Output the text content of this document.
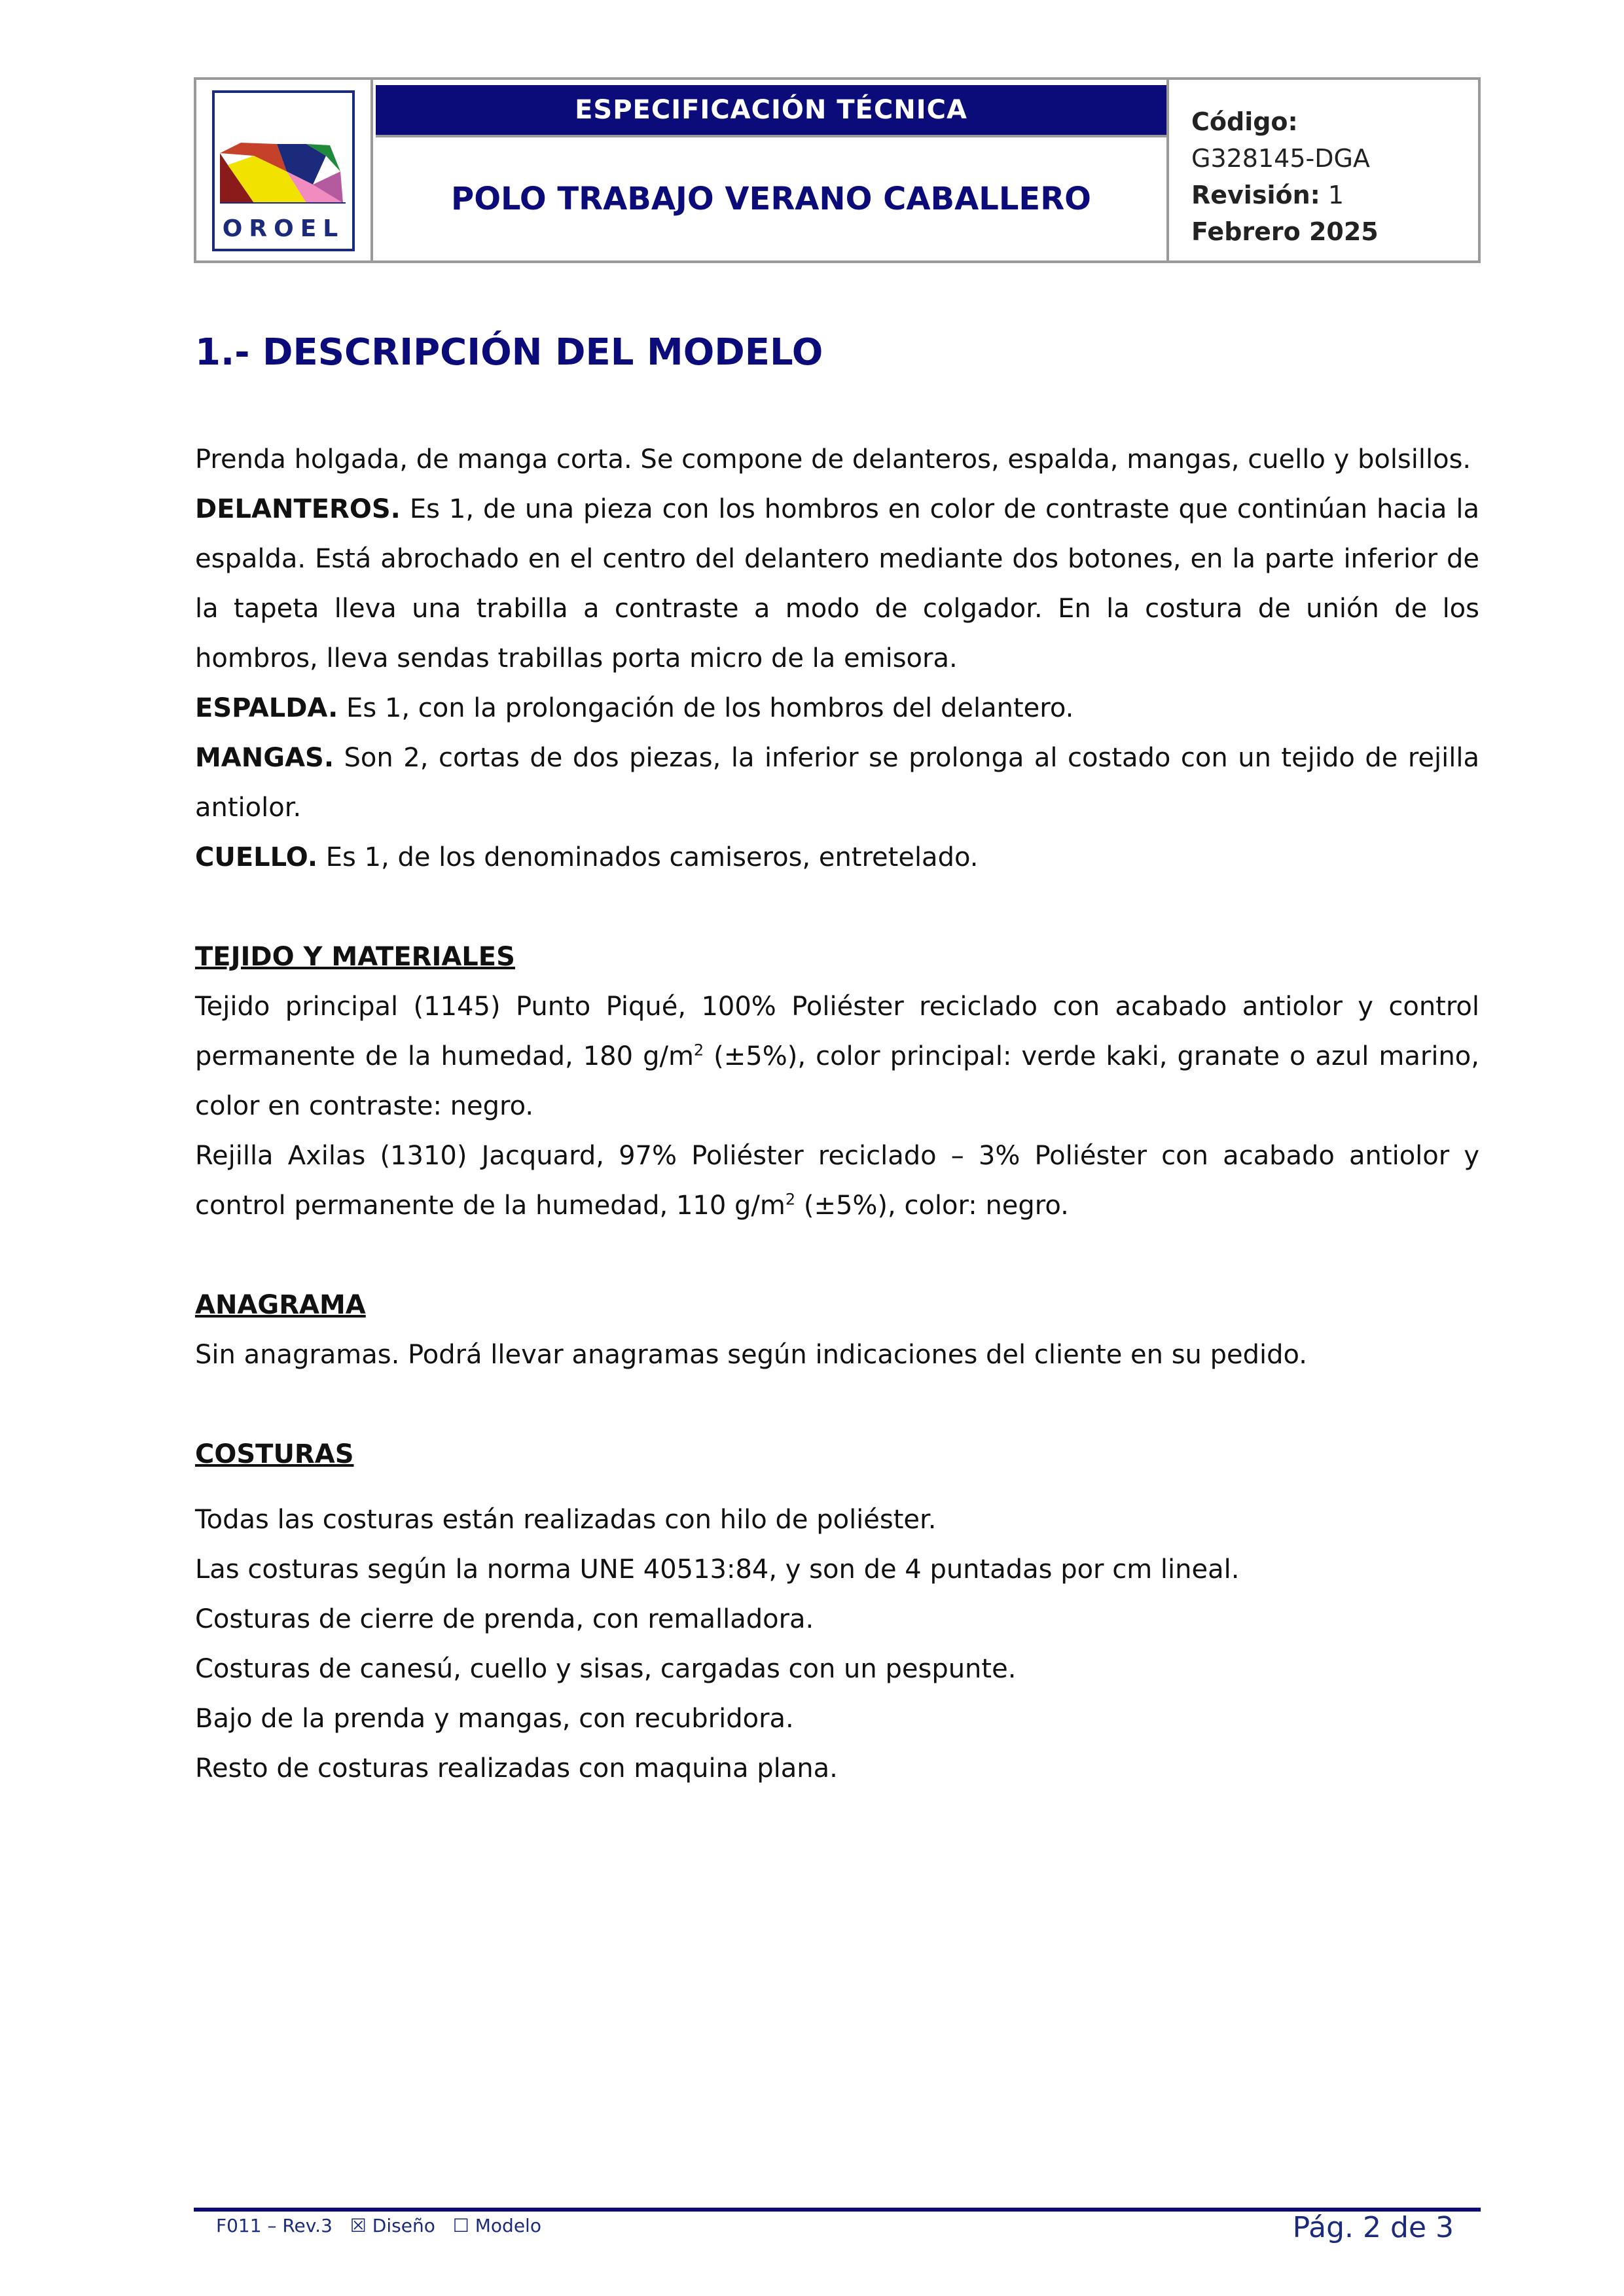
OROEL
ESPECIFICACIÓN TÉCNICA
POLO TRABAJO VERANO CABALLERO
Código:
G328145-DGA
Revisión: 1
Febrero 2025
1.- DESCRIPCIÓN DEL MODELO

Prenda holgada, de manga corta. Se compone de delanteros, espalda, mangas, cuello y bolsillos.

DELANTEROS. Es 1, de una pieza con los hombros en color de contraste que continúan hacia la espalda. Está abrochado en el centro del delantero mediante dos botones, en la parte inferior de la tapeta lleva una trabilla a contraste a modo de colgador. En la costura de unión de los hombros, lleva sendas trabillas porta micro de la emisora.

ESPALDA. Es 1, con la prolongación de los hombros del delantero.

MANGAS. Son 2, cortas de dos piezas, la inferior se prolonga al costado con un tejido de rejilla antiolor.

CUELLO. Es 1, de los denominados camiseros, entretelado.

TEJIDO Y MATERIALES

Tejido principal (1145) Punto Piqué, 100% Poliéster reciclado con acabado antiolor y control permanente de la humedad, 180 $g/m^2$ (±5%), color principal: verde kaki, granate o azul marino, color en contraste: negro.

Rejilla Axilas (1310) Jacquard, 97% Poliéster reciclado – 3% Poliéster con acabado antiolor y control permanente de la humedad, 110 $g/m^2$ (±5%), color: negro.

ANAGRAMA

Sin anagramas. Podrá llevar anagramas según indicaciones del cliente en su pedido.

COSTURAS

Todas las costuras están realizadas con hilo de poliéster.

Las costuras según la norma UNE 40513:84, y son de 4 puntadas por cm lineal.

Costuras de cierre de prenda, con remalladora.

Costuras de canesú, cuello y sisas, cargadas con un pespunte.

Bajo de la prenda y mangas, con recubridora.

Resto de costuras realizadas con maquina plana.

F011 – Rev.3 ☒ Diseño ☐ Modelo	Pág. 2 de 3
